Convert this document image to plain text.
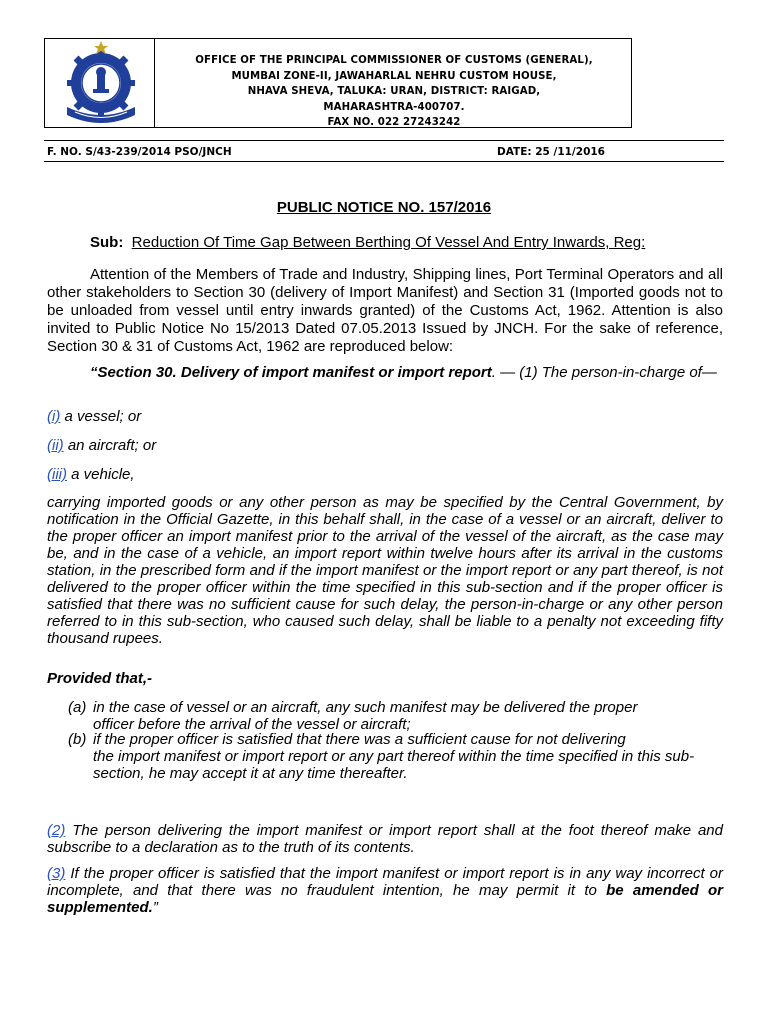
OFFICE OF THE PRINCIPAL COMMISSIONER OF CUSTOMS (GENERAL),
MUMBAI ZONE-II, JAWAHARLAL NEHRU CUSTOM HOUSE,
NHAVA SHEVA, TALUKA: URAN, DISTRICT: RAIGAD,
MAHARASHTRA-400707.
FAX NO. 022 27243242
F. NO. S/43-239/2014 PSO/JNCH	DATE: 25 /11/2016
PUBLIC NOTICE NO. 157/2016
Sub: Reduction Of Time Gap Between Berthing Of Vessel And Entry Inwards, Reg:
Attention of the Members of Trade and Industry, Shipping lines, Port Terminal Operators and all other stakeholders to Section 30 (delivery of Import Manifest) and Section 31 (Imported goods not to be unloaded from vessel until entry inwards granted) of the Customs Act, 1962. Attention is also invited to Public Notice No 15/2013 Dated 07.05.2013 Issued by JNCH. For the sake of reference, Section 30 & 31 of Customs Act, 1962 are reproduced below:
“Section 30. Delivery of import manifest or import report. — (1) The person-in-charge of—
(i) a vessel; or
(ii) an aircraft; or
(iii) a vehicle,
carrying imported goods or any other person as may be specified by the Central Government, by notification in the Official Gazette, in this behalf shall, in the case of a vessel or an aircraft, deliver to the proper officer an import manifest prior to the arrival of the vessel of the aircraft, as the case may be, and in the case of a vehicle, an import report within twelve hours after its arrival in the customs station, in the prescribed form and if the import manifest or the import report or any part thereof, is not delivered to the proper officer within the time specified in this sub-section and if the proper officer is satisfied that there was no sufficient cause for such delay, the person-in-charge or any other person referred to in this sub-section, who caused such delay, shall be liable to a penalty not exceeding fifty thousand rupees.
Provided that,-
(a) in the case of vessel or an aircraft, any such manifest may be delivered the proper
officer before the arrival of the vessel or aircraft;
(b) if the proper officer is satisfied that there was a sufficient cause for not delivering
the import manifest or import report or any part thereof within the time specified in this sub-section, he may accept it at any time thereafter.
(2) The person delivering the import manifest or import report shall at the foot thereof make and subscribe to a declaration as to the truth of its contents.
(3) If the proper officer is satisfied that the import manifest or import report is in any way incorrect or incomplete, and that there was no fraudulent intention, he may permit it to be amended or supplemented.”
